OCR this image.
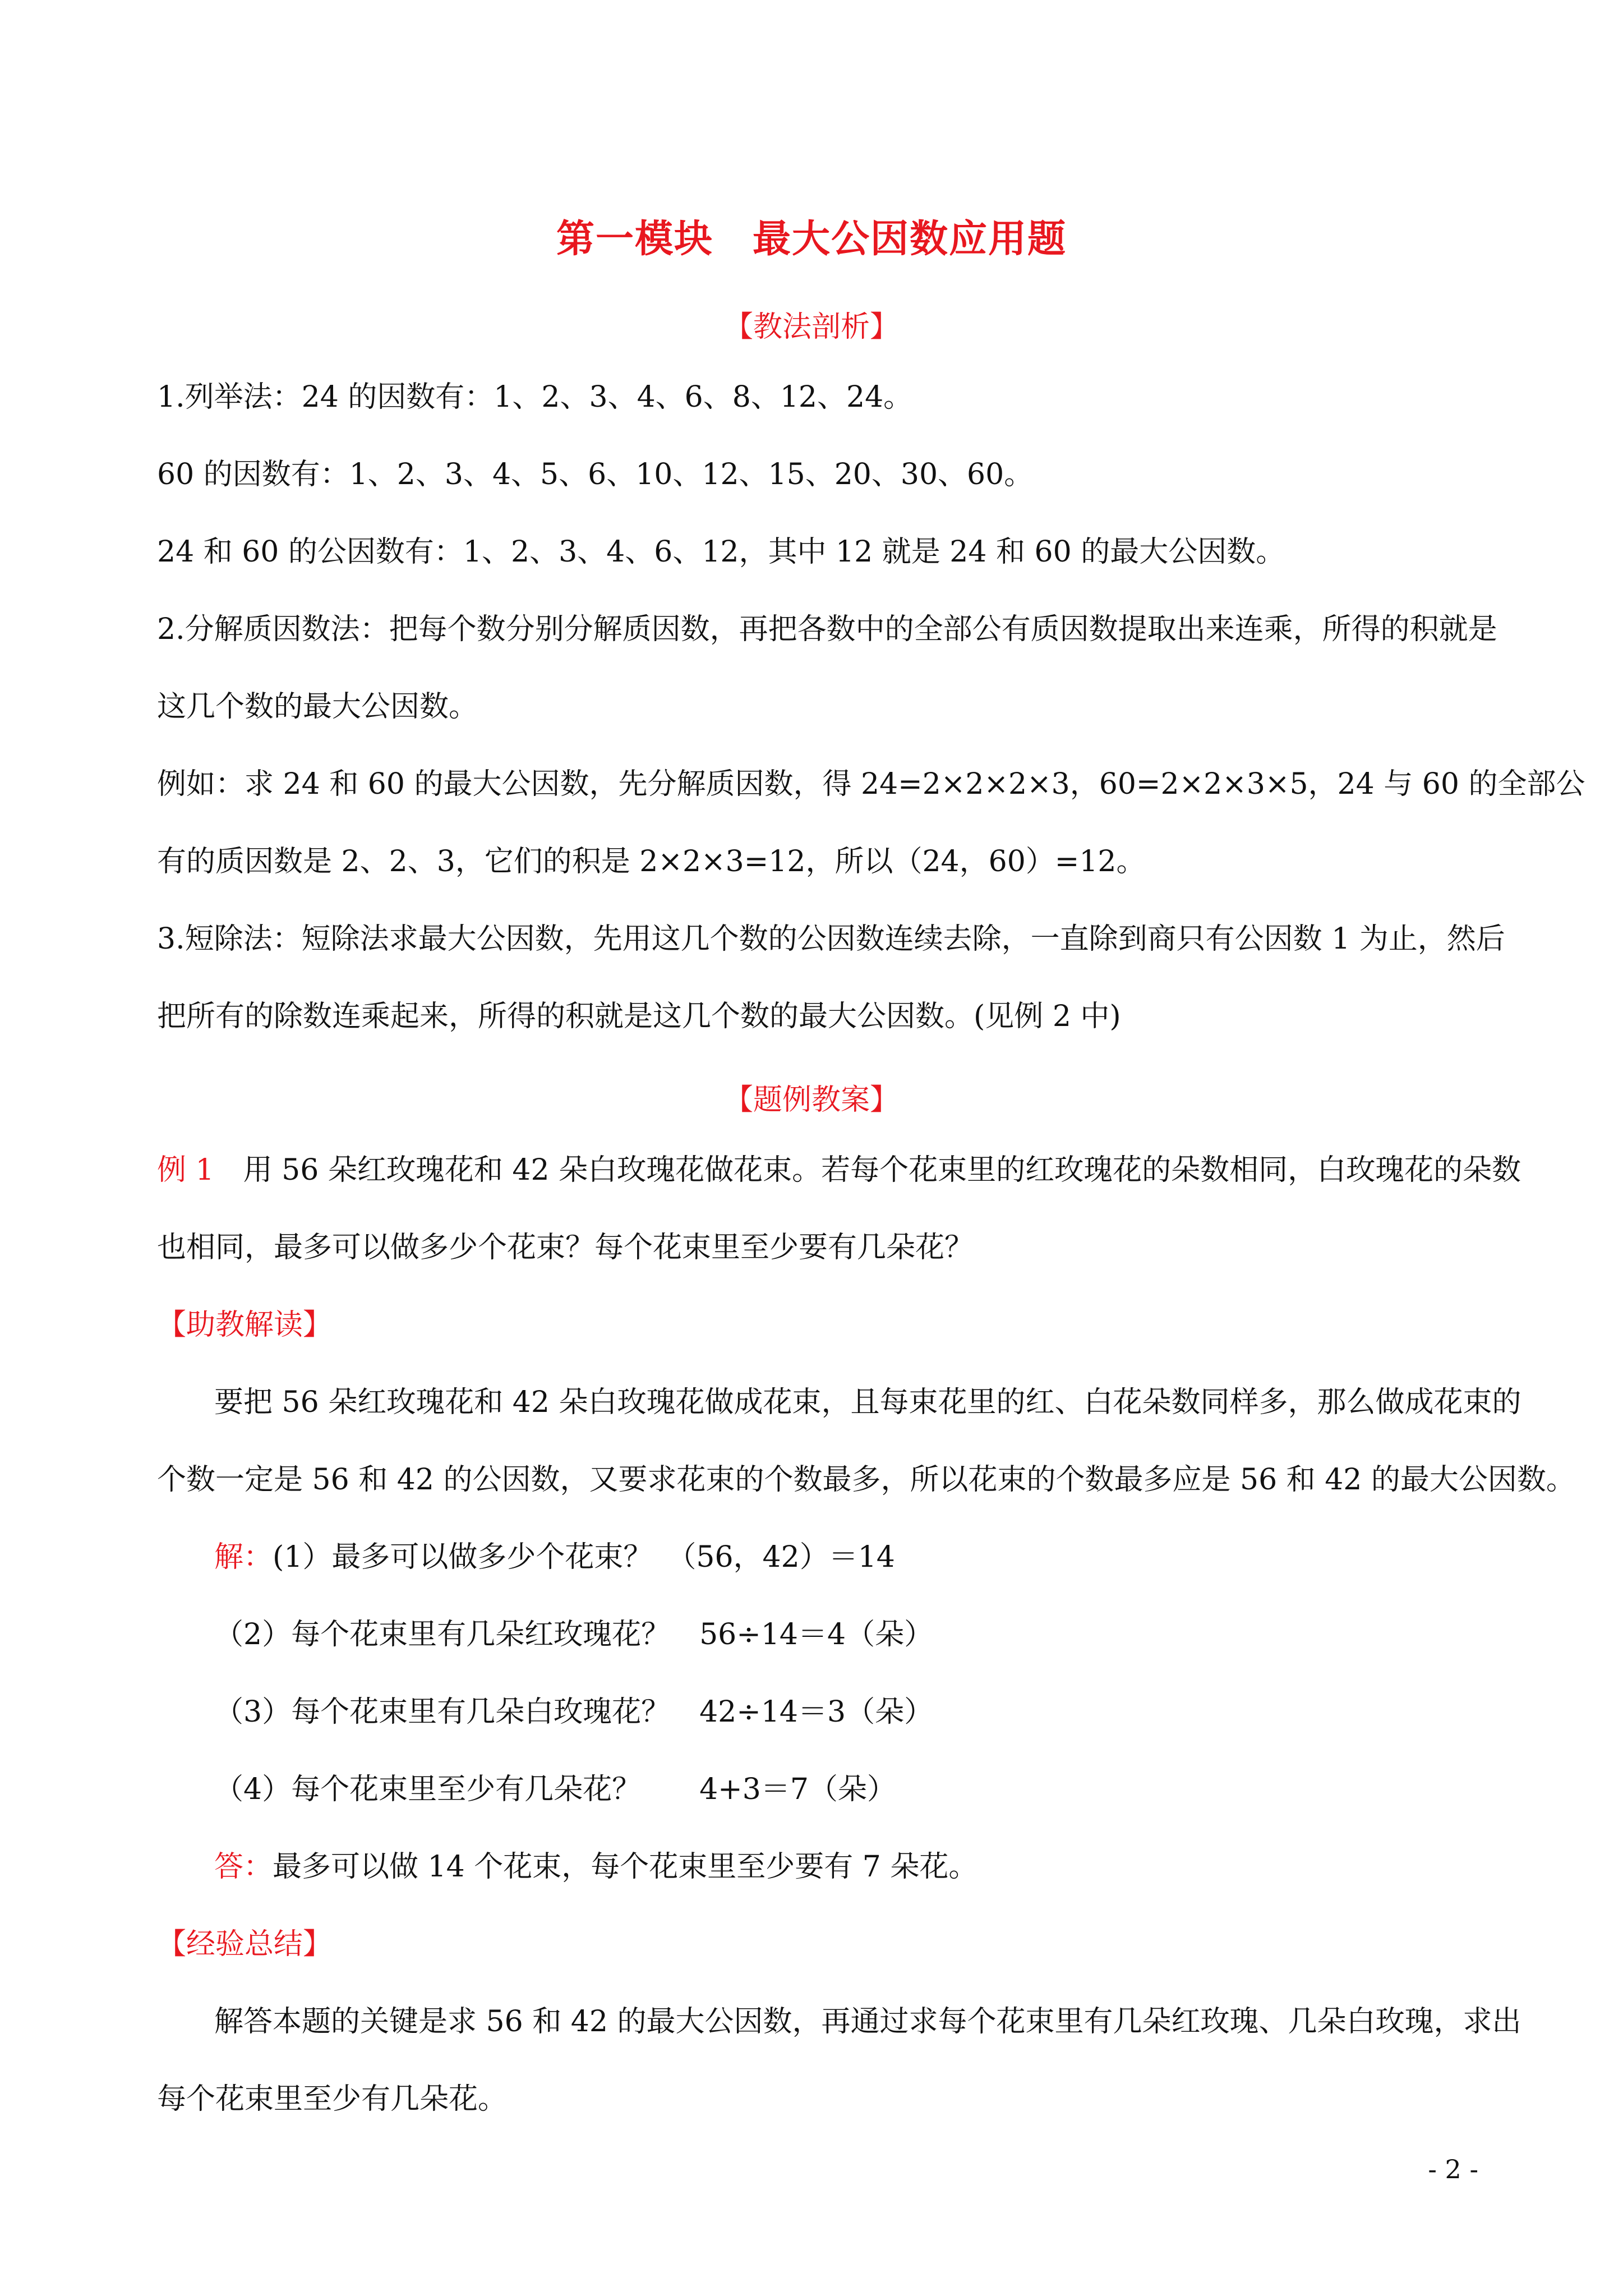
第一模块　最大公因数应用题
【教法剖析】
1.列举法：24 的因数有：1、2、3、4、6、8、12、24。
60 的因数有：1、2、3、4、5、6、10、12、15、20、30、60。
24 和 60 的公因数有：1、2、3、4、6、12，其中 12 就是 24 和 60 的最大公因数。
2.分解质因数法：把每个数分别分解质因数，再把各数中的全部公有质因数提取出来连乘，所得的积就是
这几个数的最大公因数。
例如：求 24 和 60 的最大公因数，先分解质因数，得 24=2×2×2×3，60=2×2×3×5，24 与 60 的全部公
有的质因数是 2、2、3，它们的积是 2×2×3=12，所以（24，60）=12。
3.短除法：短除法求最大公因数，先用这几个数的公因数连续去除，一直除到商只有公因数 1 为止，然后
把所有的除数连乘起来，所得的积就是这几个数的最大公因数。(见例 2 中)
【题例教案】
例 1　用 56 朵红玫瑰花和 42 朵白玫瑰花做花束。若每个花束里的红玫瑰花的朵数相同，白玫瑰花的朵数
也相同，最多可以做多少个花束？每个花束里至少要有几朵花？
【助教解读】
要把 56 朵红玫瑰花和 42 朵白玫瑰花做成花束，且每束花里的红、白花朵数同样多，那么做成花束的
个数一定是 56 和 42 的公因数，又要求花束的个数最多，所以花束的个数最多应是 56 和 42 的最大公因数。
解：(1）最多可以做多少个花束？　（56，42）＝14
（2）每个花束里有几朵红玫瑰花？　56÷14＝4（朵）
（3）每个花束里有几朵白玫瑰花？　42÷14＝3（朵）
（4）每个花束里至少有几朵花？　　4+3＝7（朵）
答：最多可以做 14 个花束，每个花束里至少要有 7 朵花。
【经验总结】
解答本题的关键是求 56 和 42 的最大公因数，再通过求每个花束里有几朵红玫瑰、几朵白玫瑰，求出
每个花束里至少有几朵花。
- 2 -
